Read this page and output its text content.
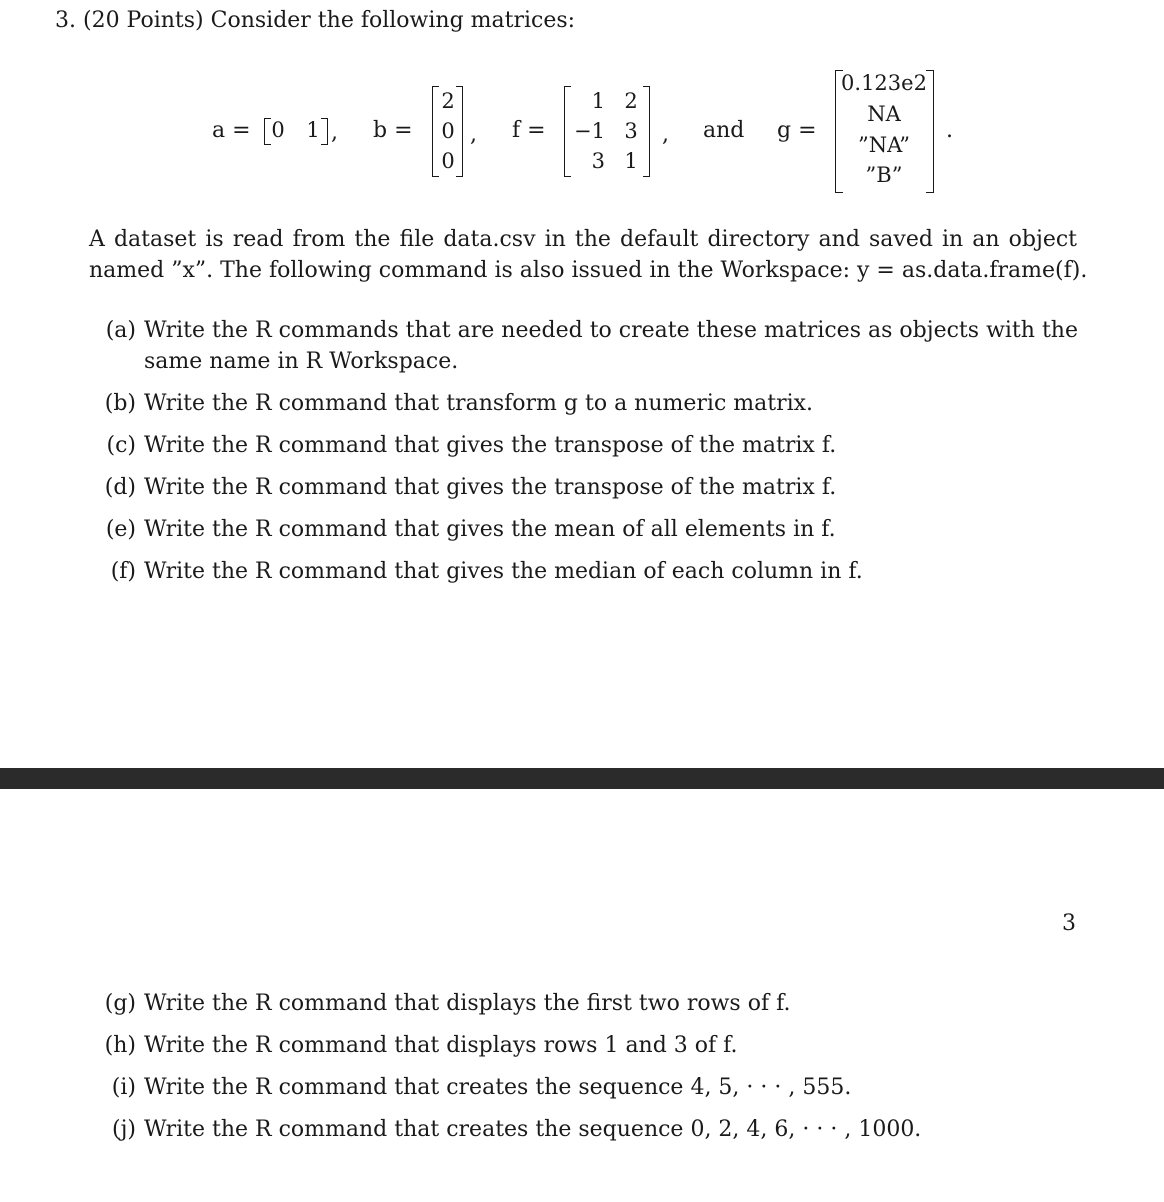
3. (20 Points) Consider the following matrices:
a = 0 1 , b =
2
0
0
, f =
1 2
−1 3
3 1
, and g =
0.123e2
NA
”NA”
”B”
.
A dataset is read from the file data.csv in the default directory and saved in an object
named ”x”. The following command is also issued in the Workspace: y = as.data.frame(f).
(a) Write the R commands that are needed to create these matrices as objects with the
same name in R Workspace.
(b) Write the R command that transform g to a numeric matrix.
(c) Write the R command that gives the transpose of the matrix f.
(d) Write the R command that gives the transpose of the matrix f.
(e) Write the R command that gives the mean of all elements in f.
(f) Write the R command that gives the median of each column in f.
3
(g) Write the R command that displays the first two rows of f.
(h) Write the R command that displays rows 1 and 3 of f.
(i) Write the R command that creates the sequence 4, 5, · · · , 555.
(j) Write the R command that creates the sequence 0, 2, 4, 6, · · · , 1000.
